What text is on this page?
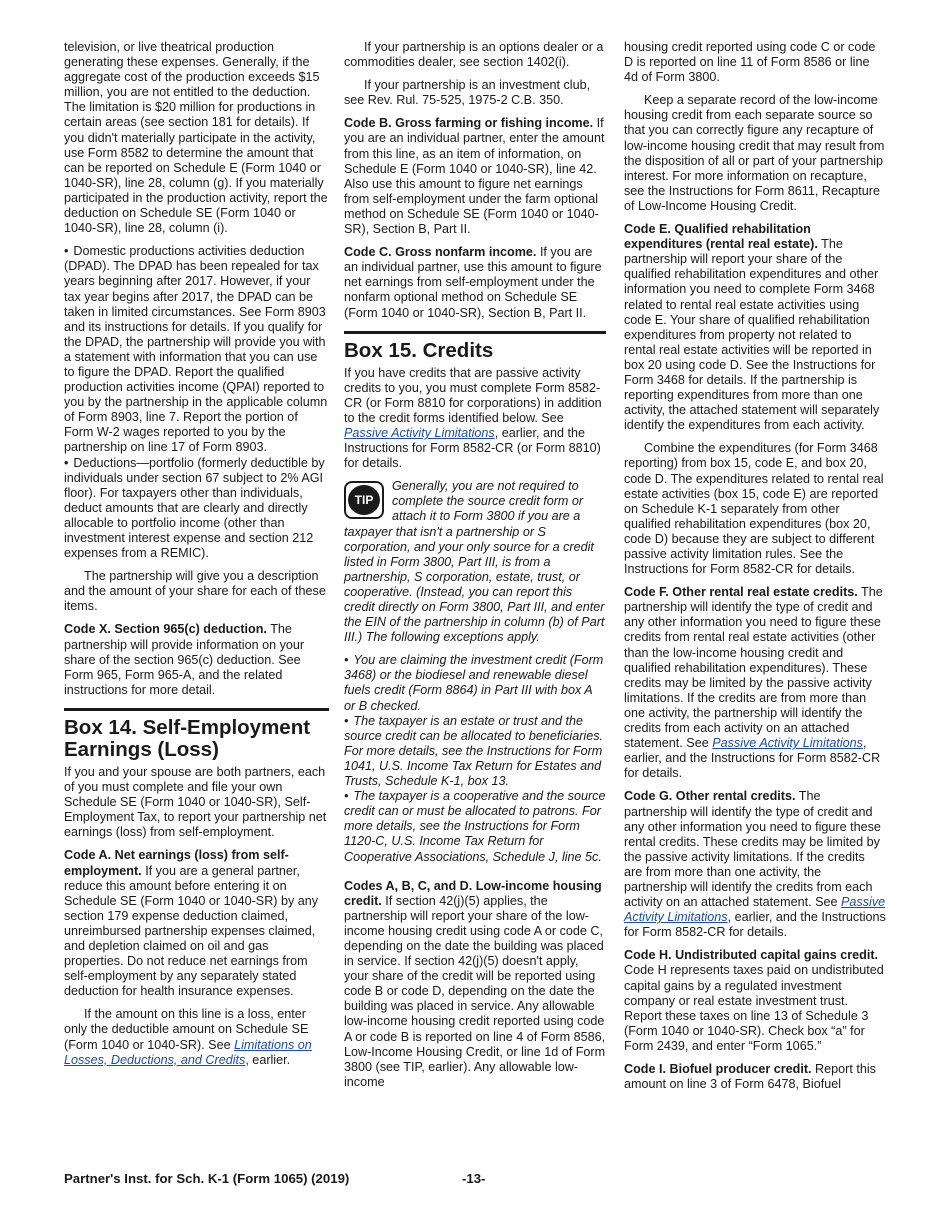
television, or live theatrical production generating these expenses. Generally, if the aggregate cost of the production exceeds $15 million, you are not entitled to the deduction. The limitation is $20 million for productions in certain areas (see section 181 for details). If you didn't materially participate in the activity, use Form 8582 to determine the amount that can be reported on Schedule E (Form 1040 or 1040-SR), line 28, column (g). If you materially participated in the production activity, report the deduction on Schedule SE (Form 1040 or 1040-SR), line 28, column (i).

• Domestic productions activities deduction (DPAD). The DPAD has been repealed for tax years beginning after 2017. However, if your tax year begins after 2017, the DPAD can be taken in limited circumstances. See Form 8903 and its instructions for details. If you qualify for the DPAD, the partnership will provide you with a statement with information that you can use to figure the DPAD. Report the qualified production activities income (QPAI) reported to you by the partnership in the applicable column of Form 8903, line 7. Report the portion of Form W-2 wages reported to you by the partnership on line 17 of Form 8903.
• Deductions—portfolio (formerly deductible by individuals under section 67 subject to 2% AGI floor). For taxpayers other than individuals, deduct amounts that are clearly and directly allocable to portfolio income (other than investment interest expense and section 212 expenses from a REMIC).

The partnership will give you a description and the amount of your share for each of these items.

Code X. Section 965(c) deduction. The partnership will provide information on your share of the section 965(c) deduction. See Form 965, Form 965-A, and the related instructions for more detail.

Box 14. Self-Employment Earnings (Loss)

If you and your spouse are both partners, each of you must complete and file your own Schedule SE (Form 1040 or 1040-SR), Self-Employment Tax, to report your partnership net earnings (loss) from self-employment.

Code A. Net earnings (loss) from self-employment. If you are a general partner, reduce this amount before entering it on Schedule SE (Form 1040 or 1040-SR) by any section 179 expense deduction claimed, unreimbursed partnership expenses claimed, and depletion claimed on oil and gas properties. Do not reduce net earnings from self-employment by any separately stated deduction for health insurance expenses.

If the amount on this line is a loss, enter only the deductible amount on Schedule SE (Form 1040 or 1040-SR). See Limitations on Losses, Deductions, and Credits, earlier.

If your partnership is an options dealer or a commodities dealer, see section 1402(i).

If your partnership is an investment club, see Rev. Rul. 75-525, 1975-2 C.B. 350.

Code B. Gross farming or fishing income. If you are an individual partner, enter the amount from this line, as an item of information, on Schedule E (Form 1040 or 1040-SR), line 42. Also use this amount to figure net earnings from self-employment under the farm optional method on Schedule SE (Form 1040 or 1040-SR), Section B, Part II.

Code C. Gross nonfarm income. If you are an individual partner, use this amount to figure net earnings from self-employment under the nonfarm optional method on Schedule SE (Form 1040 or 1040-SR), Section B, Part II.

Box 15. Credits

If you have credits that are passive activity credits to you, you must complete Form 8582-CR (or Form 8810 for corporations) in addition to the credit forms identified below. See Passive Activity Limitations, earlier, and the Instructions for Form 8582-CR (or Form 8810) for details.

TIP
Generally, you are not required to complete the source credit form or attach it to Form 3800 if you are a taxpayer that isn't a partnership or S corporation, and your only source for a credit listed in Form 3800, Part III, is from a partnership, S corporation, estate, trust, or cooperative. (Instead, you can report this credit directly on Form 3800, Part III, and enter the EIN of the partnership in column (b) of Part III.) The following exceptions apply.
• You are claiming the investment credit (Form 3468) or the biodiesel and renewable diesel fuels credit (Form 8864) in Part III with box A or B checked.
• The taxpayer is an estate or trust and the source credit can be allocated to beneficiaries. For more details, see the Instructions for Form 1041, U.S. Income Tax Return for Estates and Trusts, Schedule K-1, box 13.
• The taxpayer is a cooperative and the source credit can or must be allocated to patrons. For more details, see the Instructions for Form 1120-C, U.S. Income Tax Return for Cooperative Associations, Schedule J, line 5c.

Codes A, B, C, and D. Low-income housing credit. If section 42(j)(5) applies, the partnership will report your share of the low-income housing credit using code A or code C, depending on the date the building was placed in service. If section 42(j)(5) doesn't apply, your share of the credit will be reported using code B or code D, depending on the date the building was placed in service. Any allowable low-income housing credit reported using code A or code B is reported on line 4 of Form 8586, Low-Income Housing Credit, or line 1d of Form 3800 (see TIP, earlier). Any allowable low-income

housing credit reported using code C or code D is reported on line 11 of Form 8586 or line 4d of Form 3800.

Keep a separate record of the low-income housing credit from each separate source so that you can correctly figure any recapture of low-income housing credit that may result from the disposition of all or part of your partnership interest. For more information on recapture, see the Instructions for Form 8611, Recapture of Low-Income Housing Credit.

Code E. Qualified rehabilitation expenditures (rental real estate). The partnership will report your share of the qualified rehabilitation expenditures and other information you need to complete Form 3468 related to rental real estate activities using code E. Your share of qualified rehabilitation expenditures from property not related to rental real estate activities will be reported in box 20 using code D. See the Instructions for Form 3468 for details. If the partnership is reporting expenditures from more than one activity, the attached statement will separately identify the expenditures from each activity.

Combine the expenditures (for Form 3468 reporting) from box 15, code E, and box 20, code D. The expenditures related to rental real estate activities (box 15, code E) are reported on Schedule K-1 separately from other qualified rehabilitation expenditures (box 20, code D) because they are subject to different passive activity limitation rules. See the Instructions for Form 8582-CR for details.

Code F. Other rental real estate credits. The partnership will identify the type of credit and any other information you need to figure these credits from rental real estate activities (other than the low-income housing credit and qualified rehabilitation expenditures). These credits may be limited by the passive activity limitations. If the credits are from more than one activity, the partnership will identify the credits from each activity on an attached statement. See Passive Activity Limitations, earlier, and the Instructions for Form 8582-CR for details.

Code G. Other rental credits. The partnership will identify the type of credit and any other information you need to figure these rental credits. These credits may be limited by the passive activity limitations. If the credits are from more than one activity, the partnership will identify the credits from each activity on an attached statement. See Passive Activity Limitations, earlier, and the Instructions for Form 8582-CR for details.

Code H. Undistributed capital gains credit. Code H represents taxes paid on undistributed capital gains by a regulated investment company or real estate investment trust. Report these taxes on line 13 of Schedule 3 (Form 1040 or 1040-SR). Check box “a” for Form 2439, and enter “Form 1065.”

Code I. Biofuel producer credit. Report this amount on line 3 of Form 6478, Biofuel

Partner's Inst. for Sch. K-1 (Form 1065) (2019)	-13-
